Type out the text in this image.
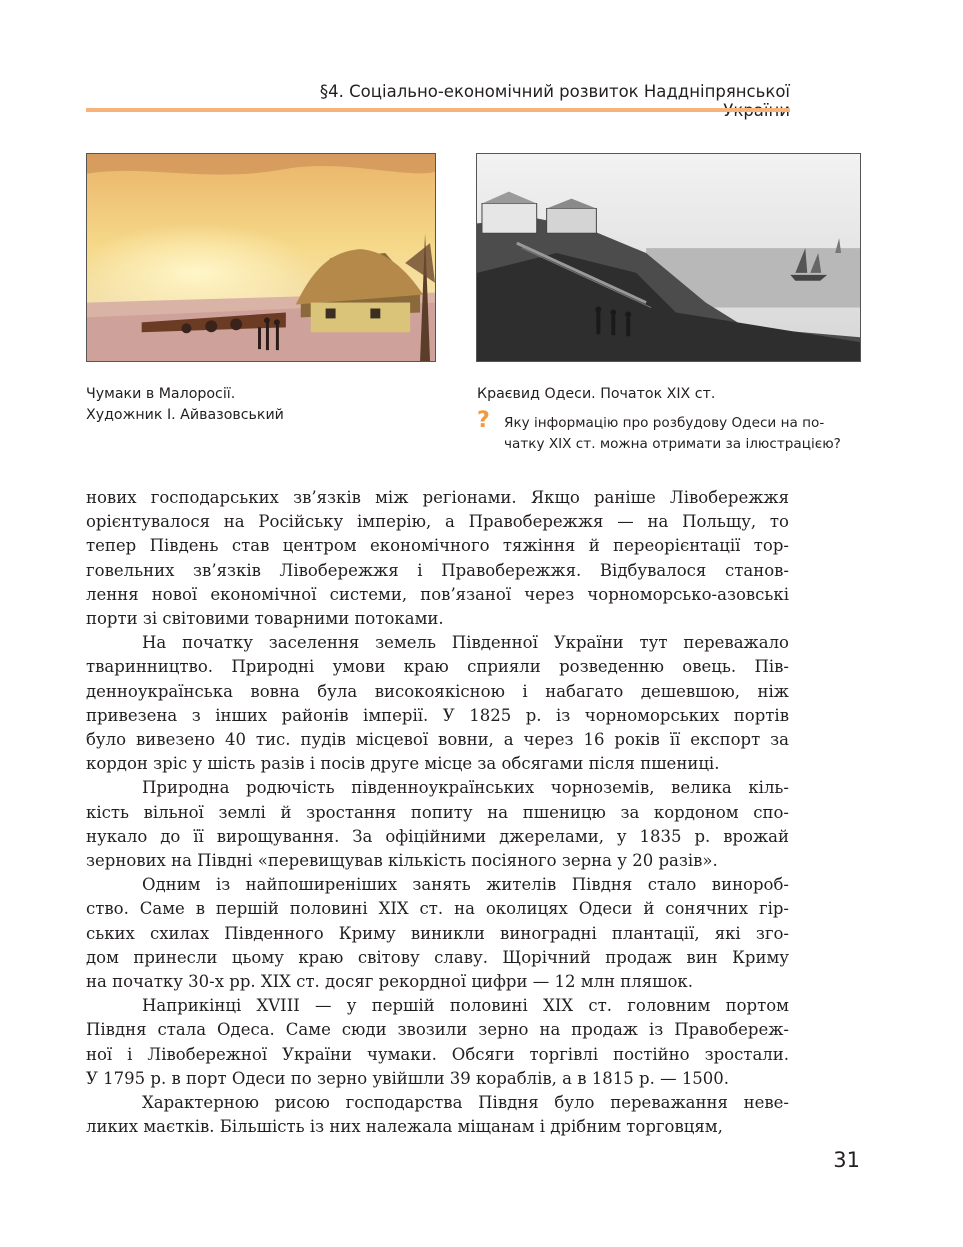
§4. Соціально-економічний розвиток Наддніпрянської
Чумаки в Малоросії.
Художник І. Айвазовський
Краєвид Одеси. Початок XIX ст.
? Яку інформацію про розбудову Одеси на по-
чатку XIX ст. можна отримати за ілюстрацією?
нових господарських зв’язків між регіонами. Якщо раніше Лівобережжя
орієнтувалося на Російську імперію, а Правобережжя — на Польщу, то
тепер Південь став центром економічного тяжіння й переорієнтації тор-
говельних зв’язків Лівобережжя і Правобережжя. Відбувалося станов-
лення нової економічної системи, пов’язаної через чорноморсько-азовські
порти зі світовими товарними потоками.
На початку заселення земель Південної України тут переважало
тваринництво. Природні умови краю сприяли розведенню овець. Пів-
денноукраїнська вовна була високоякісною і набагато дешевшою, ніж
привезена з інших районів імперії. У 1825 р. із чорноморських портів
було вивезено 40 тис. пудів місцевої вовни, а через 16 років її експорт за
кордон зріс у шість разів і посів друге місце за обсягами після пшениці.
Природна родючість південноукраїнських чорноземів, велика кіль-
кість вільної землі й зростання попиту на пшеницю за кордоном спо-
нукало до її вирощування. За офіційними джерелами, у 1835 р. врожай
зернових на Півдні «перевищував кількість посіяного зерна у 20 разів».
Одним із найпоширеніших занять жителів Півдня стало винороб-
ство. Саме в першій половині XIX ст. на околицях Одеси й сонячних гір-
ських схилах Південного Криму виникли виноградні плантації, які зго-
дом принесли цьому краю світову славу. Щорічний продаж вин Криму
на початку 30-х рр. XIX ст. досяг рекордної цифри — 12 млн пляшок.
Наприкінці XVIII — у першій половині XIX ст. головним портом
Півдня стала Одеса. Саме сюди звозили зерно на продаж із Правобереж-
ної і Лівобережної України чумаки. Обсяги торгівлі постійно зростали.
У 1795 р. в порт Одеси по зерно увійшли 39 кораблів, а в 1815 р. — 1500.
Характерною рисою господарства Півдня було переважання неве-
ликих маєтків. Більшість із них належала міщанам і дрібним торговцям,
31
